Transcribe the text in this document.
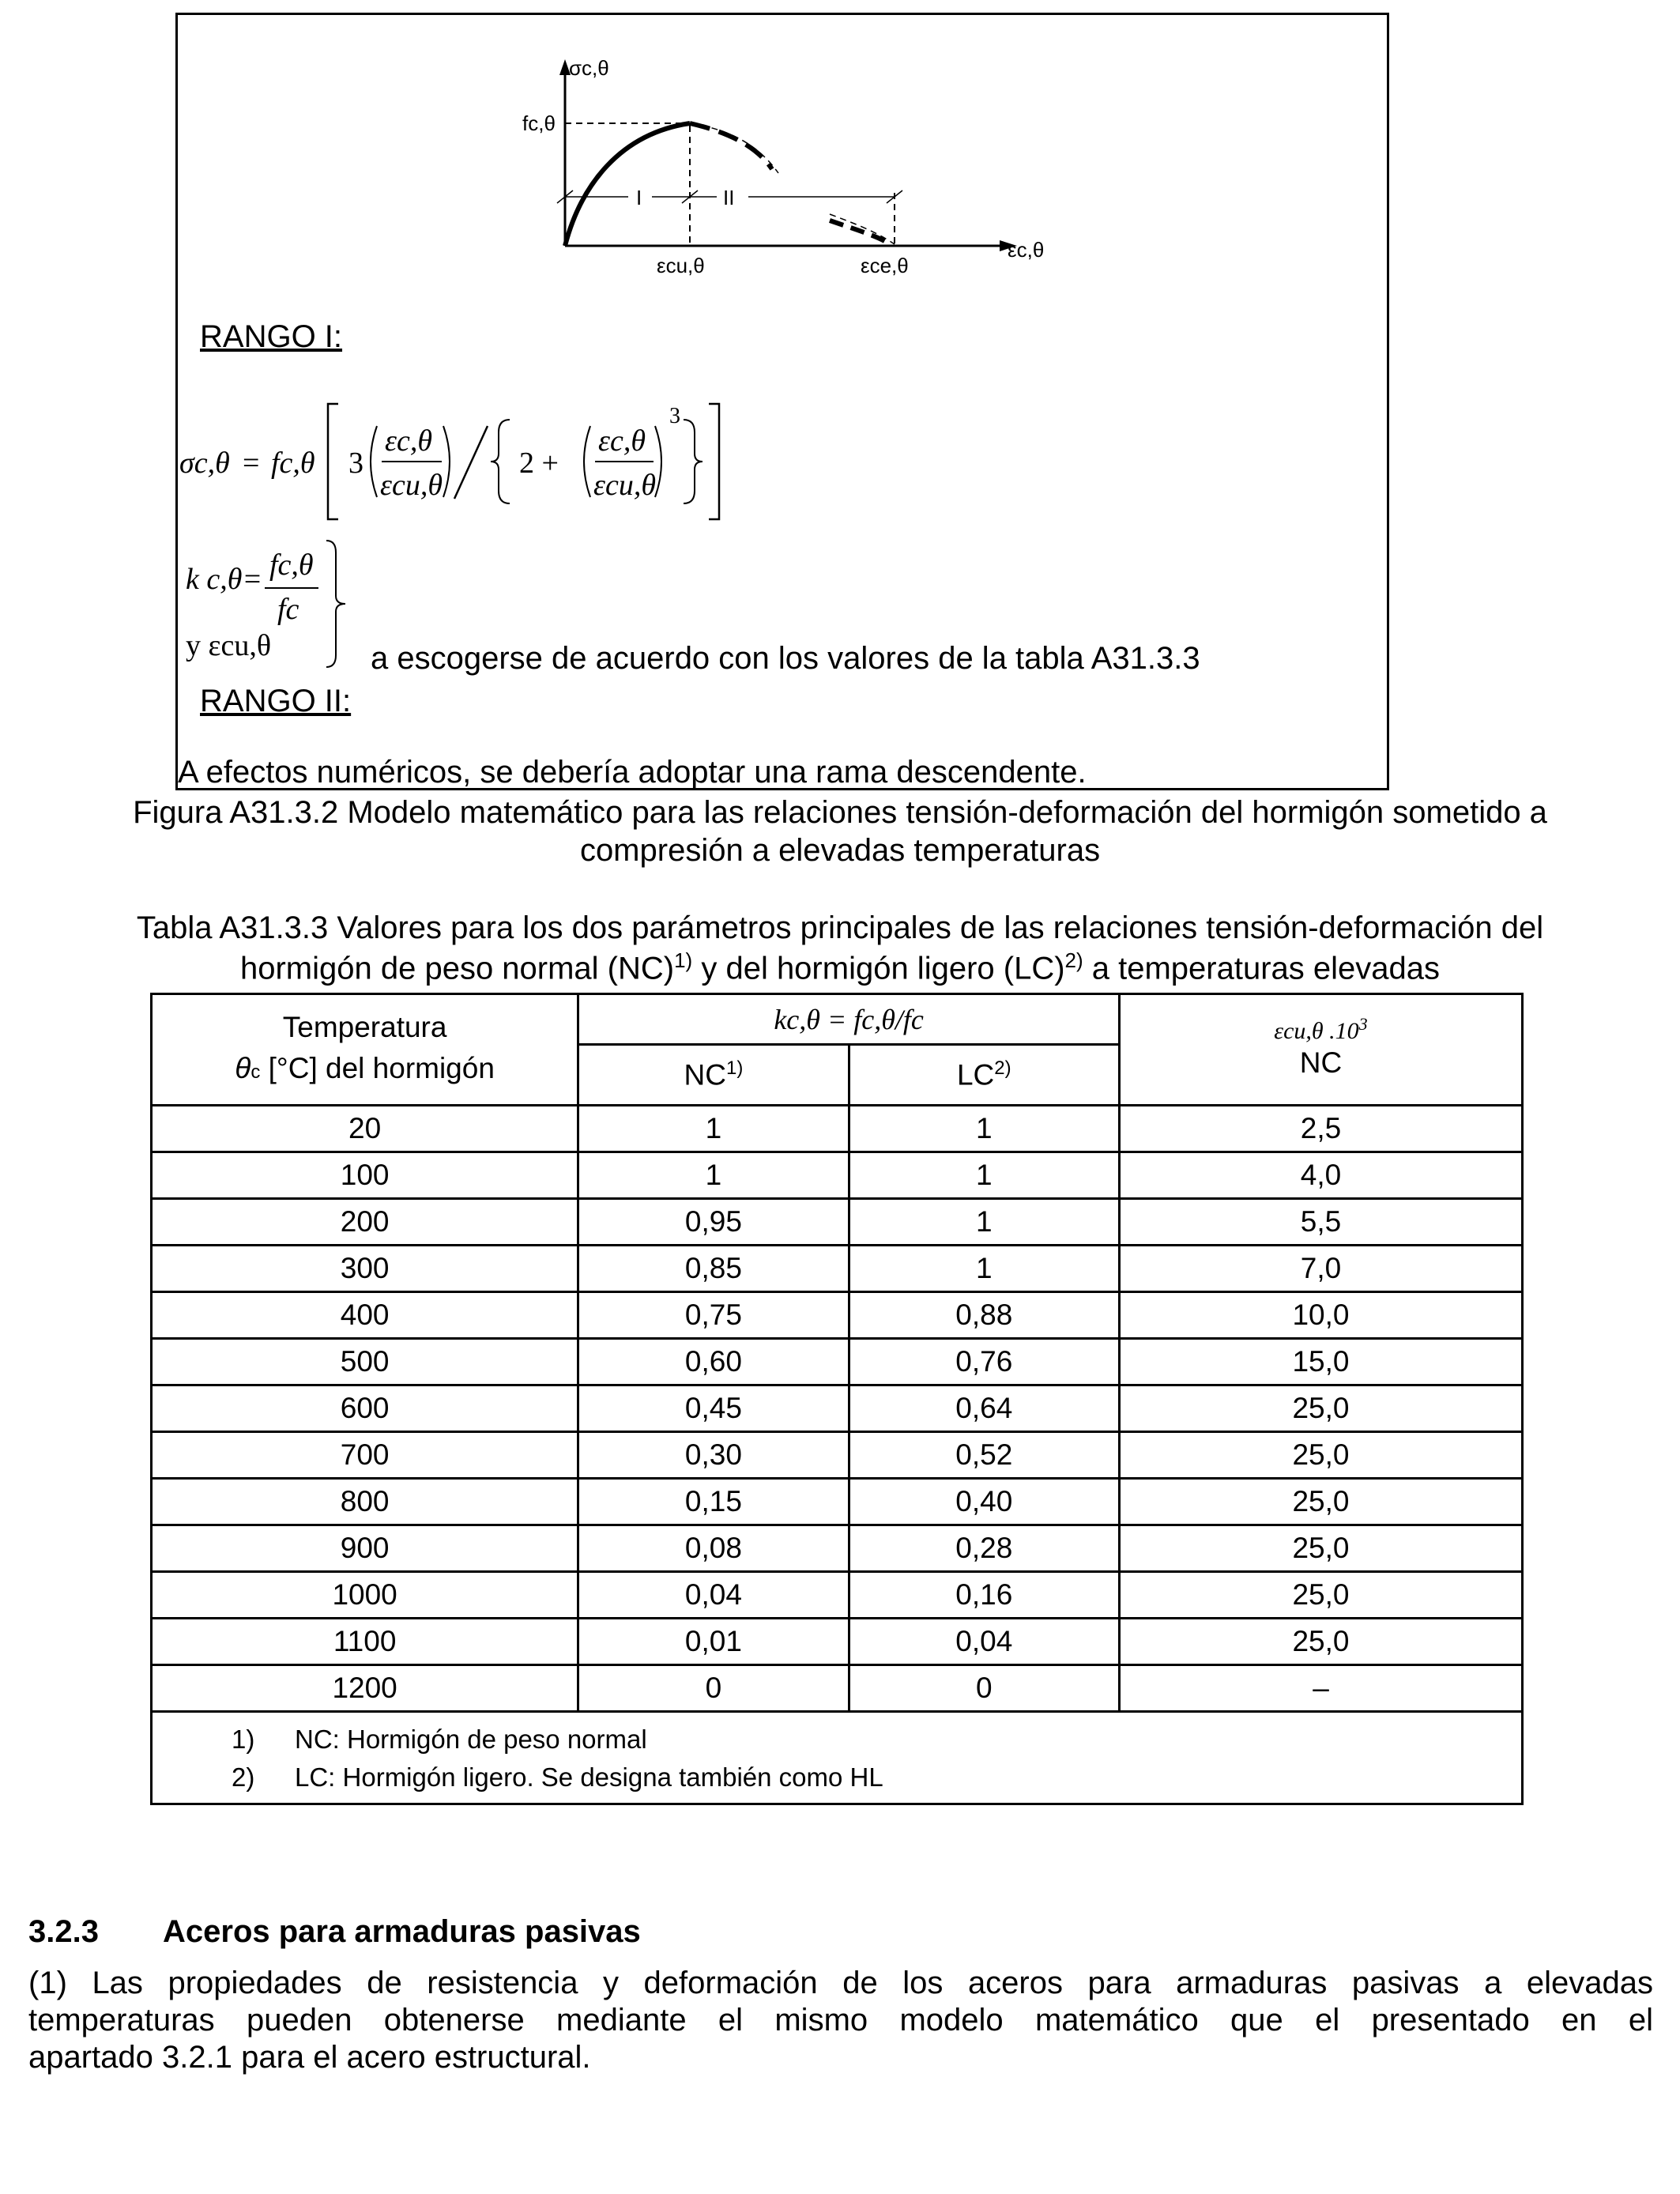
σc,θ
fc,θ
I	II
εcu,θ	εce,θ
εc,θ
RANGO I:
σc,θ = fc,θ 3
εc,θ
εcu,θ
2 +
εc,θ
εcu,θ
3
k c,θ= fc,θ
fc
y εcu,θ	a escogerse de acuerdo con los valores de la tabla A31.3.3
RANGO II:
A efectos numéricos, se debería adoptar una rama descendente.
Figura A31.3.2 Modelo matemático para las relaciones tensión-deformación del hormigón sometido a
compresión a elevadas temperaturas
Tabla A31.3.3 Valores para los dos parámetros principales de las relaciones tensión-deformación del
hormigón de peso normal (NC)$^{1)}$ y del hormigón ligero (LC)$^{2)}$ a temperaturas elevadas
Temperatura
θc [°C] del hormigón	kc,θ = fc,θ/fc		εcu,θ $.10^3$
	NC$^{1)}$	LC$^{2)}$	NC
20	1	1	2,5
100	1	1	4,0
200	0,95	1	5,5
300	0,85	1	7,0
400	0,75	0,88	10,0
500	0,60	0,76	15,0
600	0,45	0,64	25,0
700	0,30	0,52	25,0
800	0,15	0,40	25,0
900	0,08	0,28	25,0
1000	0,04	0,16	25,0
1100	0,01	0,04	25,0
1200	0	0	–

1) NC: Hormigón de peso normal
2) LC: Hormigón ligero. Se designa también como HL			
3.2.3 Aceros para armaduras pasivas
(1) Las propiedades de resistencia y deformación de los aceros para armaduras pasivas a elevadas
temperaturas pueden obtenerse mediante el mismo modelo matemático que el presentado en el
apartado 3.2.1 para el acero estructural.
